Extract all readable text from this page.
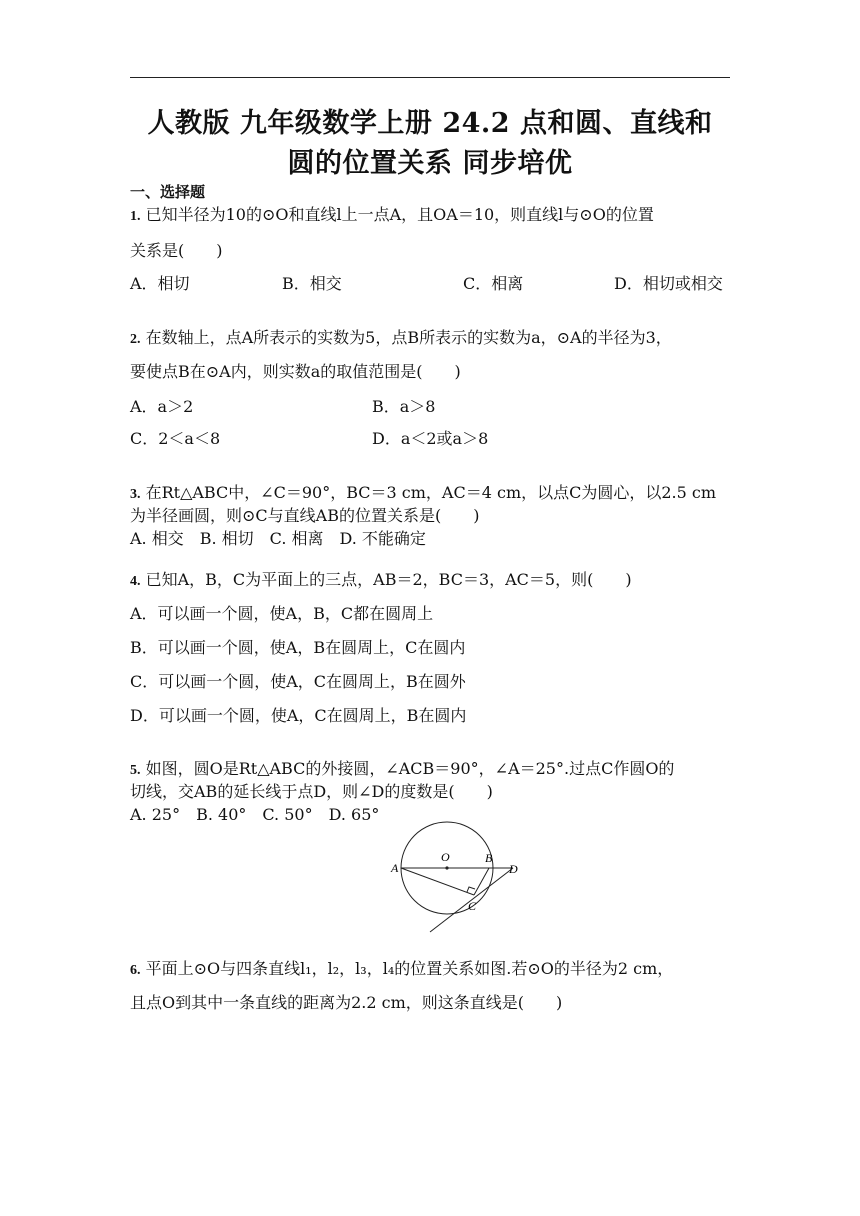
人教版 九年级数学上册 24.2 点和圆、直线和
圆的位置关系 同步培优
一、选择题
1. 已知半径为10的⊙O和直线l上一点A，且OA＝10，则直线l与⊙O的位置
关系是(　　)
A．相切	B．相交	C．相离	D．相切或相交
2. 在数轴上，点A所表示的实数为5，点B所表示的实数为a，⊙A的半径为3，
要使点B在⊙A内，则实数a的取值范围是(　　)
A．a＞2	B．a＞8
C．2＜a＜8	D．a＜2或a＞8
3. 在Rt△ABC中，∠C＝90°，BC＝3 cm，AC＝4 cm，以点C为圆心，以2.5 cm
为半径画圆，则⊙C与直线AB的位置关系是(　　)
A. 相交　B. 相切　C. 相离　D. 不能确定
4. 已知A，B，C为平面上的三点，AB＝2，BC＝3，AC＝5，则(　　)
A．可以画一个圆，使A，B，C都在圆周上
B．可以画一个圆，使A，B在圆周上，C在圆内
C．可以画一个圆，使A，C在圆周上，B在圆外
D．可以画一个圆，使A，C在圆周上，B在圆内
5. 如图，圆O是Rt△ABC的外接圆，∠ACB＝90°，∠A＝25°.过点C作圆O的
切线，交AB的延长线于点D，则∠D的度数是(　　)
A. 25°　B. 40°　C. 50°　D. 65°
A
O	B
D
C
6. 平面上⊙O与四条直线l₁，l₂，l₃，l₄的位置关系如图.若⊙O的半径为2 cm，
且点O到其中一条直线的距离为2.2 cm，则这条直线是(　　)
